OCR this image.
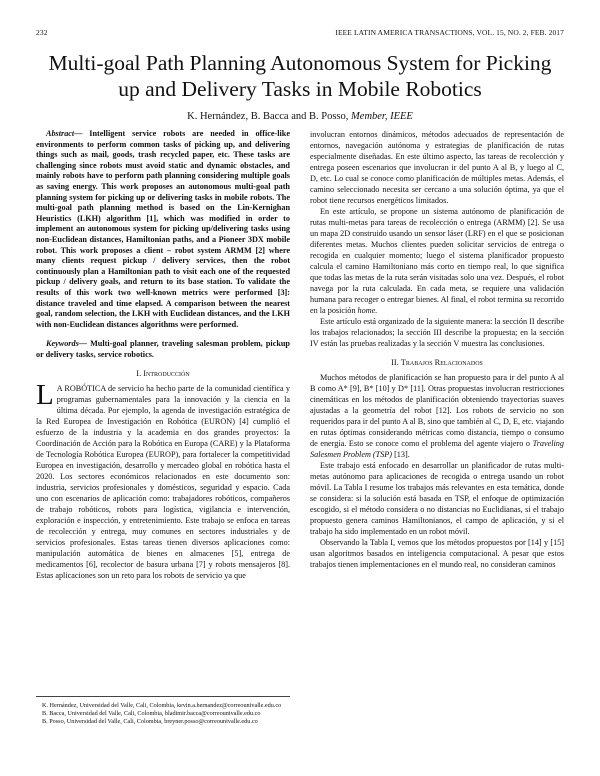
232	IEEE LATIN AMERICA TRANSACTIONS, VOL. 15, NO. 2, FEB. 2017
Multi-goal Path Planning Autonomous System for Picking up and Delivery Tasks in Mobile Robotics
K. Hernández, B. Bacca and B. Posso, Member, IEEE

Abstract— Intelligent service robots are needed in office-like environments to perform common tasks of picking up, and delivering things such as mail, goods, trash recycled paper, etc. These tasks are challenging since robots must avoid static and dynamic obstacles, and mainly robots have to perform path planning considering multiple goals as saving energy. This work proposes an autonomous multi-goal path planning system for picking up or delivering tasks in mobile robots. The multi-goal path planning method is based on the Lin-Kernighan Heuristics (LKH) algorithm [1], which was modified in order to implement an autonomous system for picking up/delivering tasks using non-Euclidean distances, Hamiltonian paths, and a Pioneer 3DX mobile robot. This work proposes a client – robot system ARMM [2] where many clients request pickup / delivery services, then the robot continuously plan a Hamiltonian path to visit each one of the requested pickup / delivery goals, and return to its base station. To validate the results of this work two well-known metrics were performed [3]: distance traveled and time elapsed. A comparison between the nearest goal, random selection, the LKH with Euclidean distances, and the LKH with non-Euclidean distances algorithms were performed.

Keywords— Multi-goal planner, traveling salesman problem, pickup or delivery tasks, service robotics.

I. Introducción

L A ROBÓTICA de servicio ha hecho parte de la comunidad científica y programas gubernamentales para la innovación y la ciencia en la última década. Por ejemplo, la agenda de investigación estratégica de la Red Europea de Investigación en Robótica (EURON) [4] cumplió el esfuerzo de la industria y la academia en dos grandes proyectos: la Coordinación de Acción para la Robótica en Europa (CARE) y la Plataforma de Tecnología Robótica Europea (EUROP), para fortalecer la competitividad Europea en investigación, desarrollo y mercadeo global en robótica hasta el 2020. Los sectores económicos relacionados en este documento son: industria, servicios profesionales y domésticos, seguridad y espacio. Cada uno con escenarios de aplicación como: trabajadores robóticos, compañeros de trabajo robóticos, robots para logística, vigilancia e intervención, exploración e inspección, y entretenimiento. Este trabajo se enfoca en tareas de recolección y entrega, muy comunes en sectores industriales y de servicios profesionales. Estas tareas tienen diversos aplicaciones como: manipulación automática de bienes en almacenes [5], entrega de medicamentos [6], recolector de basura urbana [7] y robots mensajeros [8]. Estas aplicaciones son un reto para los robots de servicio ya que

involucran entornos dinámicos, métodos adecuados de representación de entornos, navegación autónoma y estrategias de planificación de rutas especialmente diseñadas. En este último aspecto, las tareas de recolección y entrega poseen escenarios que involucran ir del punto A al B, y luego al C, D, etc. Lo cual se conoce como planificación de múltiples metas. Además, el camino seleccionado necesita ser cercano a una solución óptima, ya que el robot tiene recursos energéticos limitados.

En este artículo, se propone un sistema autónomo de planificación de rutas multi-metas para tareas de recolección o entrega (ARMM) [2]. Se usa un mapa 2D construido usando un sensor láser (LRF) en el que se posicionan diferentes metas. Muchos clientes pueden solicitar servicios de entrega o recogida en cualquier momento; luego el sistema planificador propuesto calcula el camino Hamiltoniano más corto en tiempo real, lo que significa que todas las metas de la ruta serán visitadas solo una vez. Después, el robot navega por la ruta calculada. En cada meta, se requiere una validación humana para recoger o entregar bienes. Al final, el robot termina su recorrido en la posición home.

Este artículo está organizado de la siguiente manera: la sección II describe los trabajos relacionados; la sección III describe la propuesta; en la sección IV están las pruebas realizadas y la sección V muestra las conclusiones.

II. Trabajos Relacionados

Muchos métodos de planificación se han propuesto para ir del punto A al B como A* [9], B* [10] y D* [11]. Otras propuestas involucran restricciones cinemáticas en los métodos de planificación obteniendo trayectorias suaves ajustadas a la geometría del robot [12]. Los robots de servicio no son requeridos para ir del punto A al B, sino que también al C, D, E, etc. viajando en rutas óptimas considerando métricas como distancia, tiempo o consumo de energía. Esto se conoce como el problema del agente viajero o Traveling Salesmen Problem (TSP) [13].

Este trabajo está enfocado en desarrollar un planificador de rutas multi-metas autónomo para aplicaciones de recogida o entrega usando un robot móvil. La Tabla I resume los trabajos más relevantes en esta temática, donde se considera: si la solución está basada en TSP, el enfoque de optimización escogido, si el método considera o no distancias no Euclidianas, si el trabajo propuesto genera caminos Hamiltonianos, el campo de aplicación, y si el trabajo ha sido implementado en un robot móvil.

Observando la Tabla I, vemos que los métodos propuestos por [14] y [15] usan algoritmos basados en inteligencia computacional. A pesar que estos trabajos tienen implementaciones en el mundo real, no consideran caminos

K. Hernández, Universidad del Valle, Cali, Colombia, kevin.a.hernandez@correounivalle.edu.co

B. Bacca, Universidad del Valle, Cali, Colombia, bladimir.bacca@correounivalle.edu.co

B. Posso, Universidad del Valle, Cali, Colombia, breyner.posso@correounivalle.edu.co
